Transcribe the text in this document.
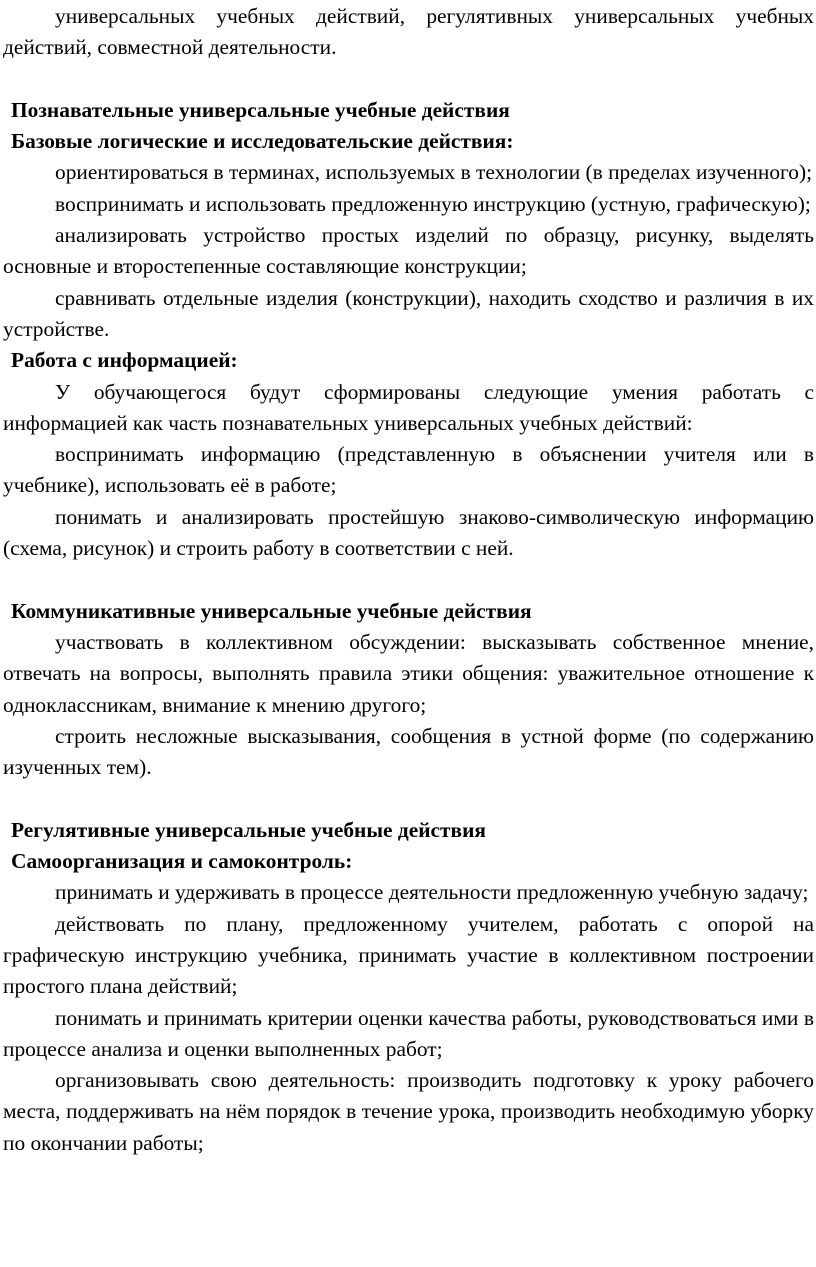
универсальных учебных действий, регулятивных универсальных учебных действий, совместной деятельности.

Познавательные универсальные учебные действия

Базовые логические и исследовательские действия:

ориентироваться в терминах, используемых в технологии (в пределах изученного);

воспринимать и использовать предложенную инструкцию (устную, графическую);

анализировать устройство простых изделий по образцу, рисунку, выделять основные и второстепенные составляющие конструкции;

сравнивать отдельные изделия (конструкции), находить сходство и различия в их устройстве.

Работа с информацией:

У обучающегося будут сформированы следующие умения работать с информацией как часть познавательных универсальных учебных действий:

воспринимать информацию (представленную в объяснении учителя или в учебнике), использовать её в работе;

понимать и анализировать простейшую знаково-символическую информацию (схема, рисунок) и строить работу в соответствии с ней.

Коммуникативные универсальные учебные действия

участвовать в коллективном обсуждении: высказывать собственное мнение, отвечать на вопросы, выполнять правила этики общения: уважительное отношение к одноклассникам, внимание к мнению другого;

строить несложные высказывания, сообщения в устной форме (по содержанию изученных тем).

Регулятивные универсальные учебные действия

Самоорганизация и самоконтроль:

принимать и удерживать в процессе деятельности предложенную учебную задачу;

действовать по плану, предложенному учителем, работать с опорой на графическую инструкцию учебника, принимать участие в коллективном построении простого плана действий;

понимать и принимать критерии оценки качества работы, руководствоваться ими в процессе анализа и оценки выполненных работ;

организовывать свою деятельность: производить подготовку к уроку рабочего места, поддерживать на нём порядок в течение урока, производить необходимую уборку по окончании работы;
